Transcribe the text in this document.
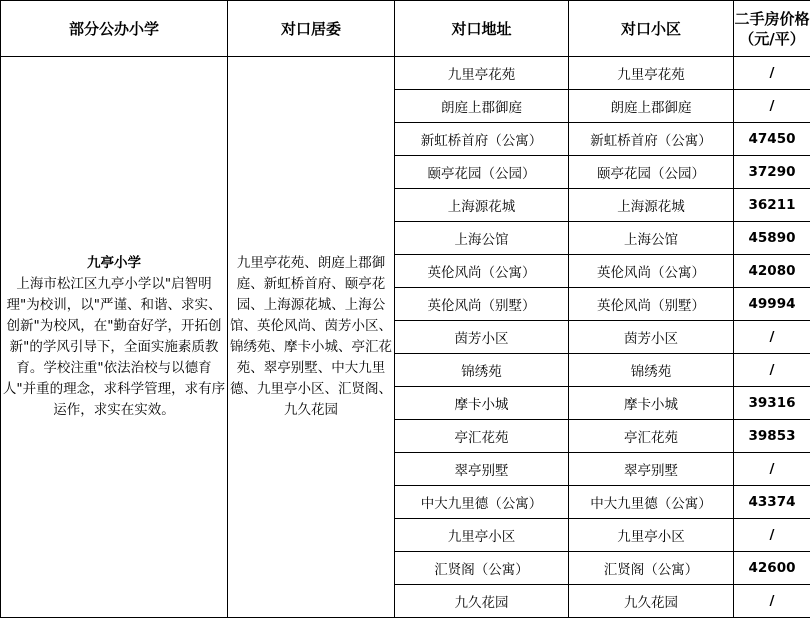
部分公办小学	对口居委	对口地址	对口小区	二手房价格
（元/平）

九亭小学
上海市松江区九亭小学以"启智明理"为校训，以"严谨、和谐、求实、创新"为校风，在"勤奋好学，开拓创新"的学风引导下，全面实施素质教育。学校注重"依法治校与以德育人"并重的理念，求科学管理，求有序运作，求实在实效。	九里亭花苑、朗庭上郡御庭、新虹桥首府、颐亭花园、上海源花城、上海公馆、英伦风尚、茵芳小区、锦绣苑、摩卡小城、亭汇花苑、翠亭别墅、中大九里德、九里亭小区、汇贤阁、九久花园	九里亭花苑	九里亭花苑	/
		朗庭上郡御庭	朗庭上郡御庭	/
		新虹桥首府（公寓）	新虹桥首府（公寓）	47450
		颐亭花园（公园）	颐亭花园（公园）	37290
		上海源花城	上海源花城	36211
		上海公馆	上海公馆	45890
		英伦风尚（公寓）	英伦风尚（公寓）	42080
		英伦风尚（别墅）	英伦风尚（别墅）	49994
		茵芳小区	茵芳小区	/
		锦绣苑	锦绣苑	/
		摩卡小城	摩卡小城	39316
		亭汇花苑	亭汇花苑	39853
		翠亭别墅	翠亭别墅	/
		中大九里德（公寓）	中大九里德（公寓）	43374
		九里亭小区	九里亭小区	/
		汇贤阁（公寓）	汇贤阁（公寓）	42600
		九久花园	九久花园	/
